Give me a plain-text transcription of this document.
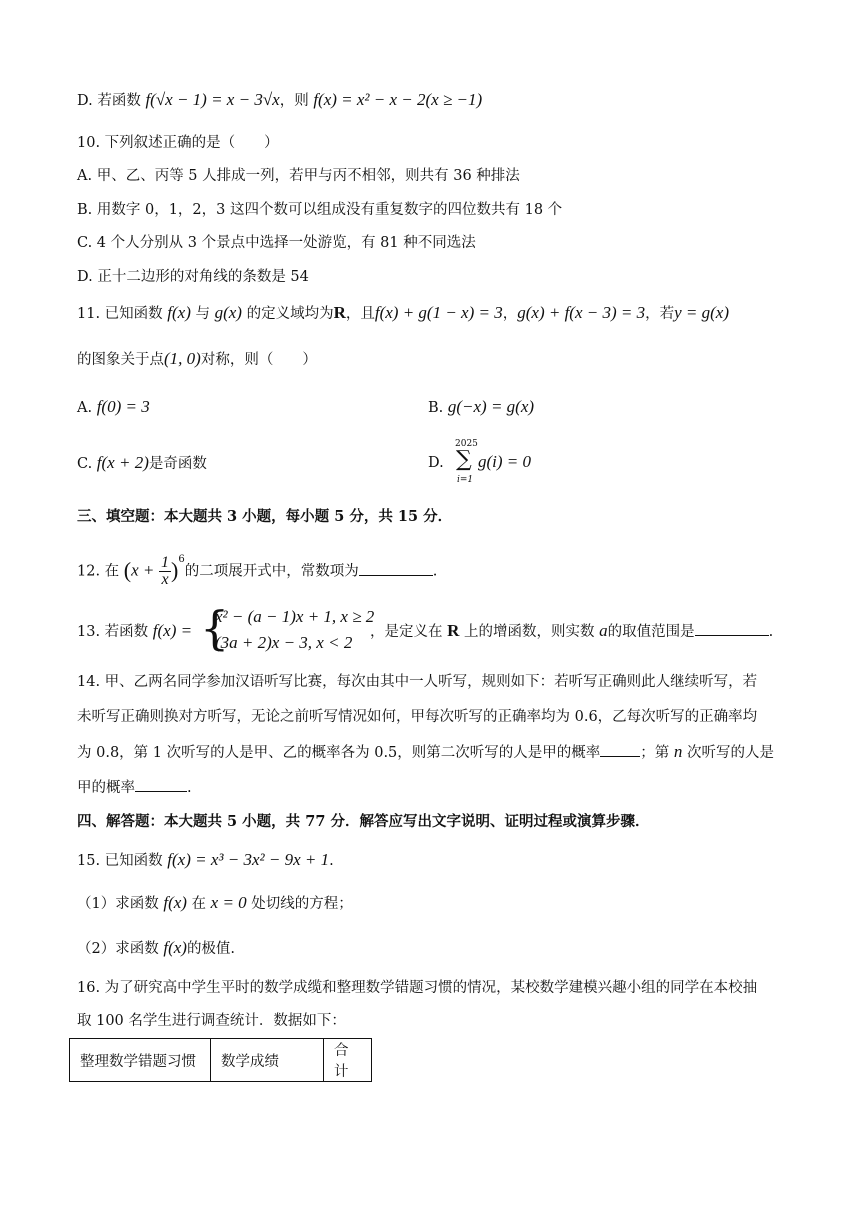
D. 若函数 f(√x − 1) = x − 3√x，则 f(x) = x² − x − 2(x ≥ −1)
10. 下列叙述正确的是（　　）
A. 甲、乙、丙等 5 人排成一列，若甲与丙不相邻，则共有 36 种排法
B. 用数字 0，1，2，3 这四个数可以组成没有重复数字的四位数共有 18 个
C. 4 个人分别从 3 个景点中选择一处游览，有 81 种不同选法
D. 正十二边形的对角线的条数是 54
11. 已知函数 f(x) 与 g(x) 的定义域均为R，且f(x) + g(1 − x) = 3，g(x) + f(x − 3) = 3，若y = g(x)
的图象关于点(1, 0)对称，则（　　）
A. f(0) = 3	B. g(−x) = g(x)
C. f(x + 2)是奇函数	D.
2025
∑
i=1
g(i) = 0
三、填空题：本大题共 3 小题，每小题 5 分，共 15 分．
12. 在 $(x + \frac{1}{x} )^6$的二项展开式中，常数项为	.
13. 若函数 f(x) = {
x² − (a − 1)x + 1, x ≥ 2
(3a + 2)x − 3, x < 2
，是定义在 R 上的增函数，则实数 a的取值范围是	.
14. 甲、乙两名同学参加汉语听写比赛，每次由其中一人听写，规则如下：若听写正确则此人继续听写，若
未听写正确则换对方听写，无论之前听写情况如何，甲每次听写的正确率均为 0.6，乙每次听写的正确率均
为 0.8，第 1 次听写的人是甲、乙的概率各为 0.5，则第二次听写的人是甲的概率	；第 n 次听写的人是
甲的概率	.
四、解答题：本大题共 5 小题，共 77 分．解答应写出文字说明、证明过程或演算步骤．
15. 已知函数 f(x) = x³ − 3x² − 9x + 1.
（1）求函数 f(x) 在 x = 0 处切线的方程；
（2）求函数 f(x)的极值.
16. 为了研究高中学生平时的数学成缆和整理数学错题习惯的情况，某校数学建模兴趣小组的同学在本校抽
取 100 名学生进行调查统计．数据如下：
整理数学错题习惯	数学成绩	合计
